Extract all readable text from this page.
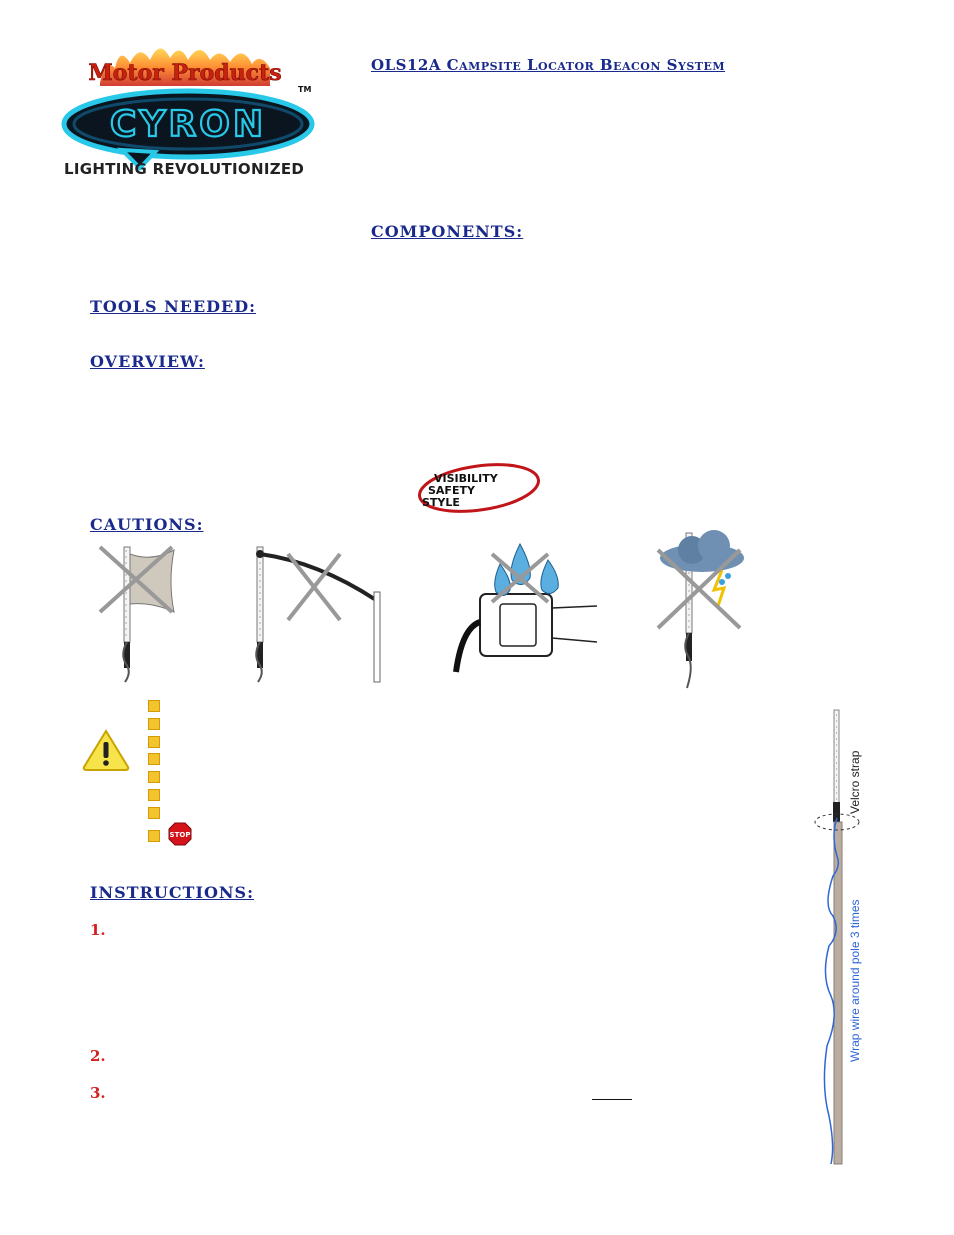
Motor Products
CYRON
TM
LIGHTING REVOLUTIONIZED
OLS12A Campsite Locator Beacon System
COMPONENTS:
TOOLS NEEDED:
OVERVIEW:
VISIBILITY
SAFETY
STYLE
CAUTIONS:
STOP
INSTRUCTIONS:
1.
2.
3.
Velcro strap
Wrap wire around pole 3 times
